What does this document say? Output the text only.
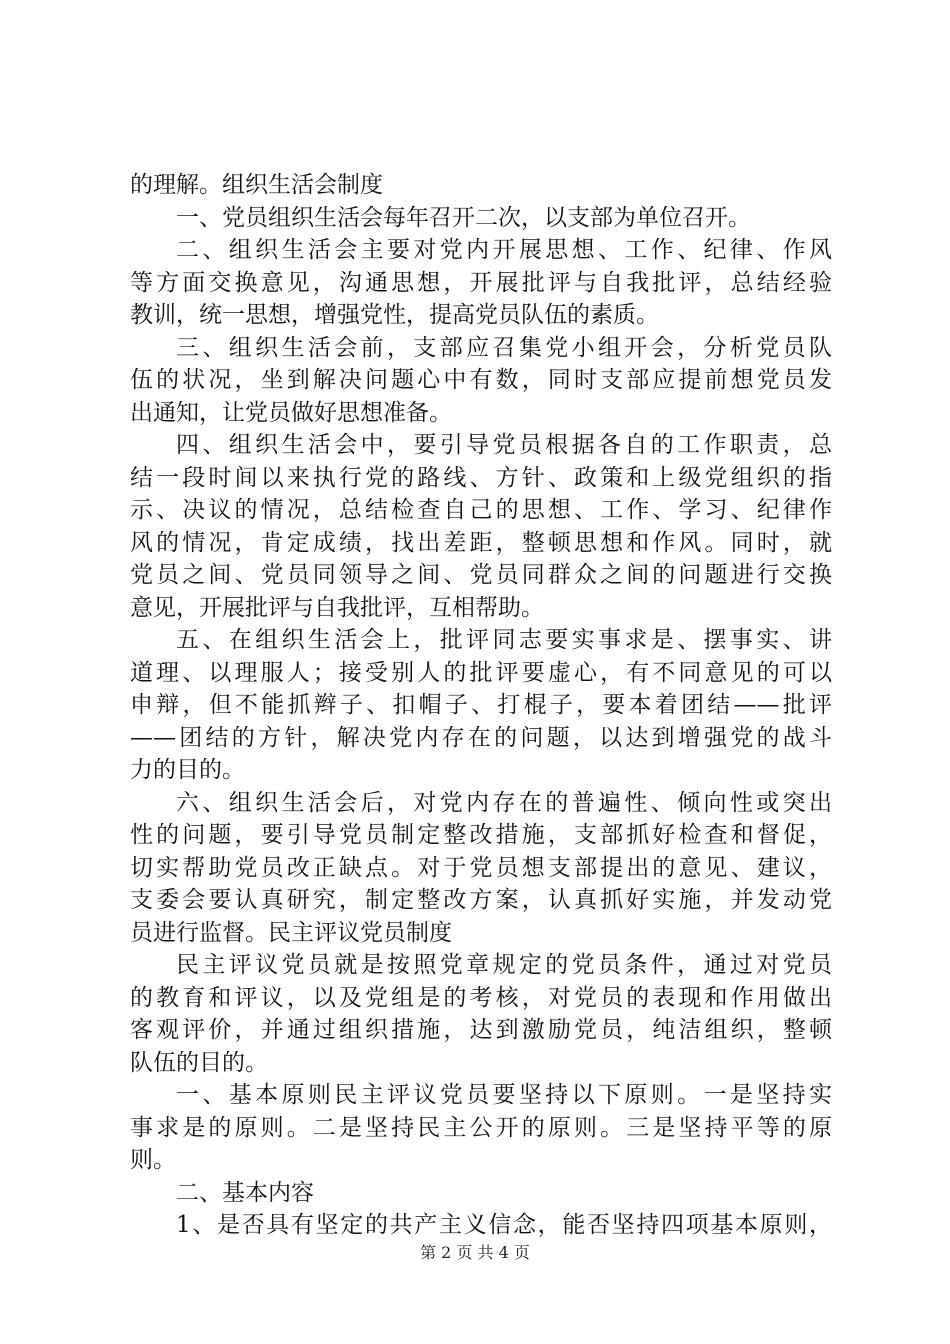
的理解。组织生活会制度
一、党员组织生活会每年召开二次，以支部为单位召开。
二、组织生活会主要对党内开展思想、工作、纪律、作风
等方面交换意见，沟通思想，开展批评与自我批评，总结经验
教训，统一思想，增强党性，提高党员队伍的素质。
三、组织生活会前，支部应召集党小组开会，分析党员队
伍的状况，坐到解决问题心中有数，同时支部应提前想党员发
出通知，让党员做好思想准备。
四、组织生活会中，要引导党员根据各自的工作职责，总
结一段时间以来执行党的路线、方针、政策和上级党组织的指
示、决议的情况，总结检查自己的思想、工作、学习、纪律作
风的情况，肯定成绩，找出差距，整顿思想和作风。同时，就
党员之间、党员同领导之间、党员同群众之间的问题进行交换
意见，开展批评与自我批评，互相帮助。
五、在组织生活会上，批评同志要实事求是、摆事实、讲
道理、以理服人；接受别人的批评要虚心，有不同意见的可以
申辩，但不能抓辫子、扣帽子、打棍子，要本着团结——批评
——团结的方针，解决党内存在的问题，以达到增强党的战斗
力的目的。
六、组织生活会后，对党内存在的普遍性、倾向性或突出
性的问题，要引导党员制定整改措施，支部抓好检查和督促，
切实帮助党员改正缺点。对于党员想支部提出的意见、建议，
支委会要认真研究，制定整改方案，认真抓好实施，并发动党
员进行监督。民主评议党员制度
民主评议党员就是按照党章规定的党员条件，通过对党员
的教育和评议，以及党组是的考核，对党员的表现和作用做出
客观评价，并通过组织措施，达到激励党员，纯洁组织，整顿
队伍的目的。
一、基本原则民主评议党员要坚持以下原则。一是坚持实
事求是的原则。二是坚持民主公开的原则。三是坚持平等的原
则。
二、基本内容
1、是否具有坚定的共产主义信念，能否坚持四项基本原则，
第 2 页 共 4 页
